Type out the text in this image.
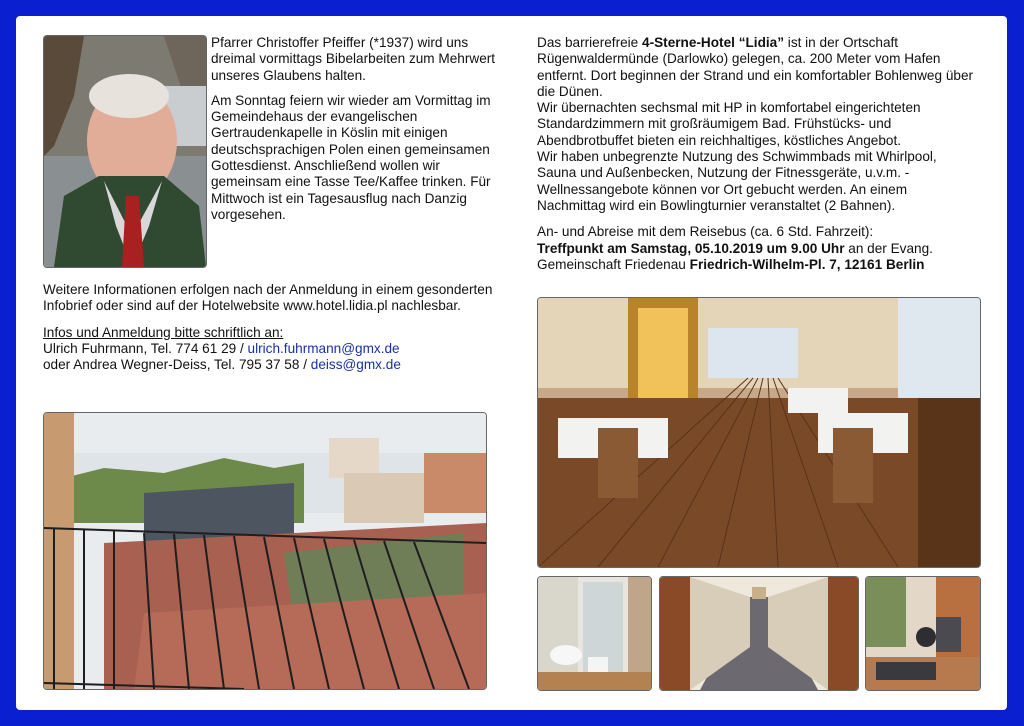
Pfarrer Christoffer Pfeiffer (*1937) wird uns dreimal vormittags Bibelarbeiten zum Mehrwert unseres Glaubens halten.

Am Sonntag feiern wir wieder am Vormittag im Gemeindehaus der evangelischen Gertraudenkapelle in Köslin mit einigen deutschsprachigen Polen einen gemeinsamen Gottesdienst. Anschließend wollen wir gemeinsam eine Tasse Tee/Kaffee trinken. Für Mittwoch ist ein Tagesausflug nach Danzig vorgesehen.

Weitere Informationen erfolgen nach der Anmeldung in einem gesonderten Infobrief oder sind auf der Hotelwebsite www.hotel.lidia.pl nachlesbar.

Infos und Anmeldung bitte schriftlich an:
Ulrich Fuhrmann, Tel. 774 61 29 / ulrich.fuhrmann@gmx.de
oder Andrea Wegner-Deiss, Tel. 795 37 58 / deiss@gmx.de
Das barrierefreie 4-Sterne-Hotel “Lidia” ist in der Ortschaft Rügenwaldermünde (Darlowko) gelegen, ca. 200 Meter vom Hafen entfernt. Dort beginnen der Strand und ein komfortabler Bohlenweg über die Dünen.
Wir übernachten sechsmal mit HP in komfortabel eingerichteten Standardzimmern mit großräumigem Bad. Frühstücks- und Abendbrotbuffet bieten ein reichhaltiges, köstliches Angebot.
Wir haben unbegrenzte Nutzung des Schwimmbads mit Whirlpool, Sauna und Außenbecken, Nutzung der Fitnessgeräte, u.v.m. - Wellnessangebote können vor Ort gebucht werden. An einem Nachmittag wird ein Bowlingturnier veranstaltet (2 Bahnen).
An- und Abreise mit dem Reisebus (ca. 6 Std. Fahrzeit):
Treffpunkt am Samstag, 05.10.2019 um 9.00 Uhr an der Evang. Gemeinschaft Friedenau Friedrich-Wilhelm-Pl. 7, 12161 Berlin
